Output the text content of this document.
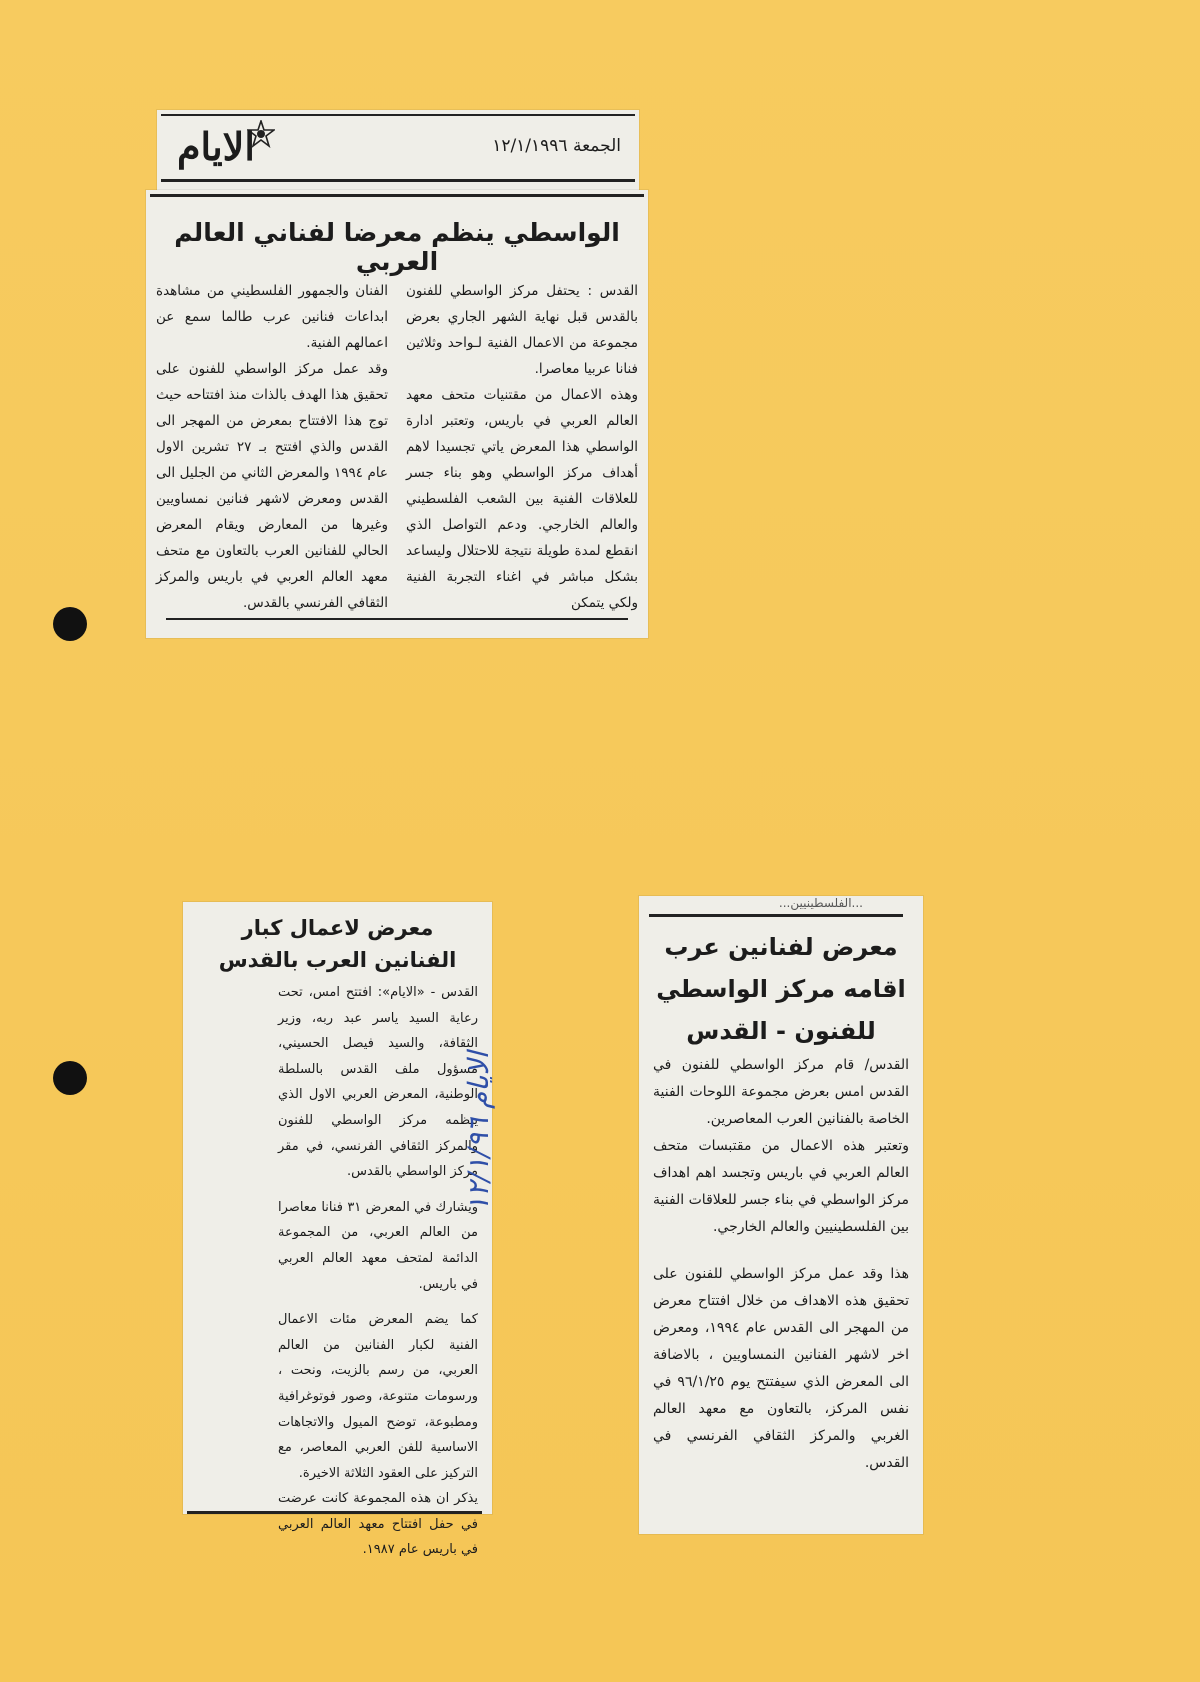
الجمعة ١٢/١/١٩٩٦
الايام
الواسطي ينظم معرضا لفناني العالم العربي

القدس : يحتفل مركز الواسطي للفنون بالقدس قبل نهاية الشهر الجاري بعرض مجموعة من الاعمال الفنية لـواحد وثلاثين فنانا عربيا معاصرا.

وهذه الاعمال من مقتنيات متحف معهد العالم العربي في باريس، وتعتبر ادارة الواسطي هذا المعرض ياتي تجسيدا لاهم أهداف مركز الواسطي وهو بناء جسر للعلاقات الفنية بين الشعب الفلسطيني والعالم الخارجي. ودعم التواصل الذي انقطع لمدة طويلة نتيجة للاحتلال وليساعد بشكل مباشر في اغناء التجربة الفنية ولكي يتمكن

الفنان والجمهور الفلسطيني من مشاهدة ابداعات فنانين عرب طالما سمع عن اعمالهم الفنية.

وقد عمل مركز الواسطي للفنون على تحقيق هذا الهدف بالذات منذ افتتاحه حيث توج هذا الافتتاح بمعرض من المهجر الى القدس والذي افتتح بـ ٢٧ تشرين الاول عام ١٩٩٤ والمعرض الثاني من الجليل الى القدس ومعرض لاشهر فنانين نمساويين وغيرها من المعارض ويقام المعرض الحالي للفنانين العرب بالتعاون مع متحف معهد العالم العربي في باريس والمركز الثقافي الفرنسي بالقدس.

معرض لاعمال كبار
الفنانين العرب بالقدس

القدس - «الايام»: افتتح امس، تحت رعاية السيد ياسر عبد ربه، وزير الثقافة، والسيد فيصل الحسيني، مسؤول ملف القدس بالسلطة الوطنية، المعرض العربي الاول الذي ينظمه مركز الواسطي للفنون والمركز الثقافي الفرنسي، في مقر مركز الواسطي بالقدس.

ويشارك في المعرض ٣١ فنانا معاصرا من العالم العربي، من المجموعة الدائمة لمتحف معهد العالم العربي في باريس.

كما يضم المعرض مئات الاعمال الفنية لكبار الفنانين من العالم العربي، من رسم بالزيت، ونحت ، ورسومات متنوعة، وصور فوتوغرافية ومطبوعة، توضح الميول والاتجاهات الاساسية للفن العربي المعاصر، مع التركيز على العقود الثلاثة الاخيرة.

يذكر ان هذه المجموعة كانت عرضت في حفل افتتاح معهد العالم العربي في باريس عام ١٩٨٧.

الايام ١٢/١/٩٦
...الفلسطينيين...
معرض لفنانين عرب
اقامه مركز الواسطي
للفنون - القدس

القدس/ قام مركز الواسطي للفنون في القدس امس بعرض مجموعة اللوحات الفنية الخاصة بالفنانين العرب المعاصرين.

وتعتبر هذه الاعمال من مقتبسات متحف العالم العربي في باريس وتجسد اهم اهداف مركز الواسطي في بناء جسر للعلاقات الفنية بين الفلسطينيين والعالم الخارجي.

هذا وقد عمل مركز الواسطي للفنون على تحقيق هذه الاهداف من خلال افتتاح معرض من المهجر الى القدس عام ١٩٩٤، ومعرض اخر لاشهر الفنانين النمساويين ، بالاضافة الى المعرض الذي سيفتتح يوم ٩٦/١/٢٥ في نفس المركز، بالتعاون مع معهد العالم الغربي والمركز الثقافي الفرنسي في القدس.
